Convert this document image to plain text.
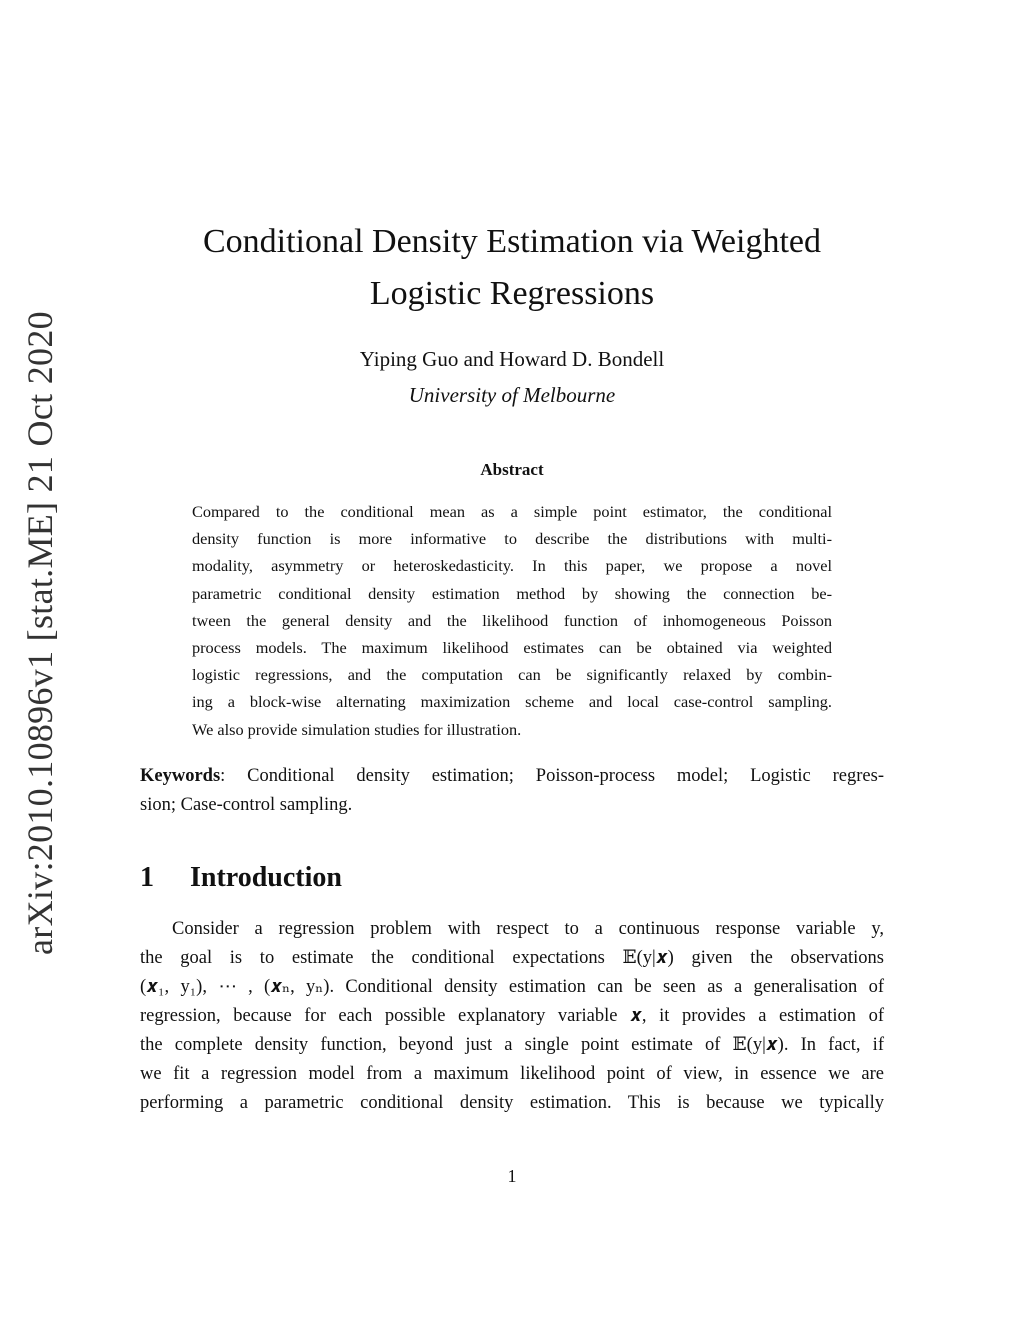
arXiv:2010.10896v1 [stat.ME] 21 Oct 2020
Conditional Density Estimation via Weighted
Logistic Regressions
Yiping Guo and Howard D. Bondell
University of Melbourne
Abstract
Compared to the conditional mean as a simple point estimator, the conditional
density function is more informative to describe the distributions with multi-
modality, asymmetry or heteroskedasticity. In this paper, we propose a novel
parametric conditional density estimation method by showing the connection be-
tween the general density and the likelihood function of inhomogeneous Poisson
process models. The maximum likelihood estimates can be obtained via weighted
logistic regressions, and the computation can be significantly relaxed by combin-
ing a block-wise alternating maximization scheme and local case-control sampling.
We also provide simulation studies for illustration.
Keywords: Conditional density estimation; Poisson-process model; Logistic regres-
sion; Case-control sampling.
1 Introduction
Consider a regression problem with respect to a continuous response variable y,
the goal is to estimate the conditional expectations 𝔼(y|𝒙) given the observations
(𝒙₁, y₁), ⋯ , (𝒙ₙ, yₙ). Conditional density estimation can be seen as a generalisation of
regression, because for each possible explanatory variable 𝒙, it provides a estimation of
the complete density function, beyond just a single point estimate of 𝔼(y|𝒙). In fact, if
we fit a regression model from a maximum likelihood point of view, in essence we are
performing a parametric conditional density estimation. This is because we typically
1
